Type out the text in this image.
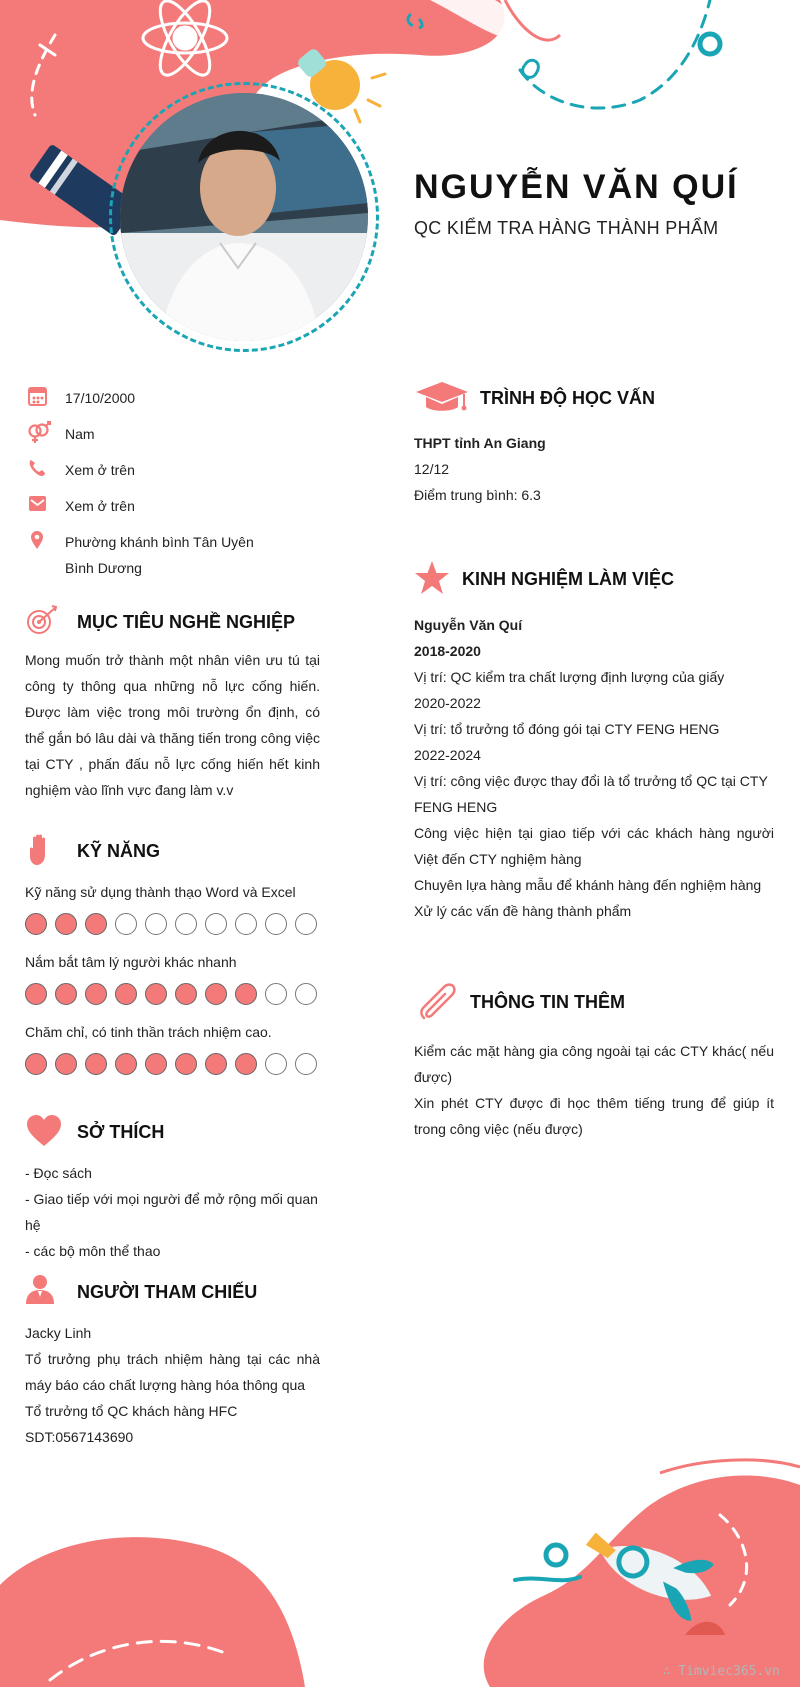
NGUYỄN VĂN QUÍ
QC KIỂM TRA HÀNG THÀNH PHẨM
17/10/2000
Nam
Xem ở trên
Xem ở trên
Phường khánh bình Tân Uyên Bình Dương
MỤC TIÊU NGHỀ NGHIỆP

Mong muốn trở thành một nhân viên ưu tú tại công ty thông qua những nỗ lực cống hiến. Được làm việc trong môi trường ổn định, có thể gắn bó lâu dài và thăng tiến trong công việc tại CTY , phấn đấu nỗ lực cống hiến hết kinh nghiệm vào lĩnh vực đang làm v.v

KỸ NĂNG
Kỹ năng sử dụng thành thạo Word và Excel
Nắm bắt tâm lý người khác nhanh
Chăm chỉ, có tinh thần trách nhiệm cao.
SỞ THÍCH
- Đọc sách
- Giao tiếp với mọi người để mở rộng mối quan hệ
- các bộ môn thể thao
NGƯỜI THAM CHIẾU
Jacky Linh
Tổ trưởng phụ trách nhiệm hàng tại các nhà máy báo cáo chất lượng hàng hóa thông qua
Tổ trưởng tổ QC khách hàng HFC
SDT:0567143690
TRÌNH ĐỘ HỌC VẤN
THPT tỉnh An Giang
12/12
Điểm trung bình: 6.3
KINH NGHIỆM LÀM VIỆC
Nguyễn Văn Quí
2018-2020
Vị trí: QC kiểm tra chất lượng định lượng của giấy
2020-2022
Vị trí: tổ trưởng tổ đóng gói tại CTY FENG HENG
2022-2024
Vị trí: công việc được thay đổi là tổ trưởng tổ QC tại CTY FENG HENG
Công việc hiện tại giao tiếp với các khách hàng người Việt đến CTY nghiệm hàng
Chuyên lựa hàng mẫu để khánh hàng đến nghiệm hàng
Xử lý các vấn đề hàng thành phẩm
THÔNG TIN THÊM
Kiểm các mặt hàng gia công ngoài tại các CTY khác( nếu được)
Xin phét CTY được đi học thêm tiếng trung để giúp ít trong công việc (nếu được)
∴ Timviec365.vn
